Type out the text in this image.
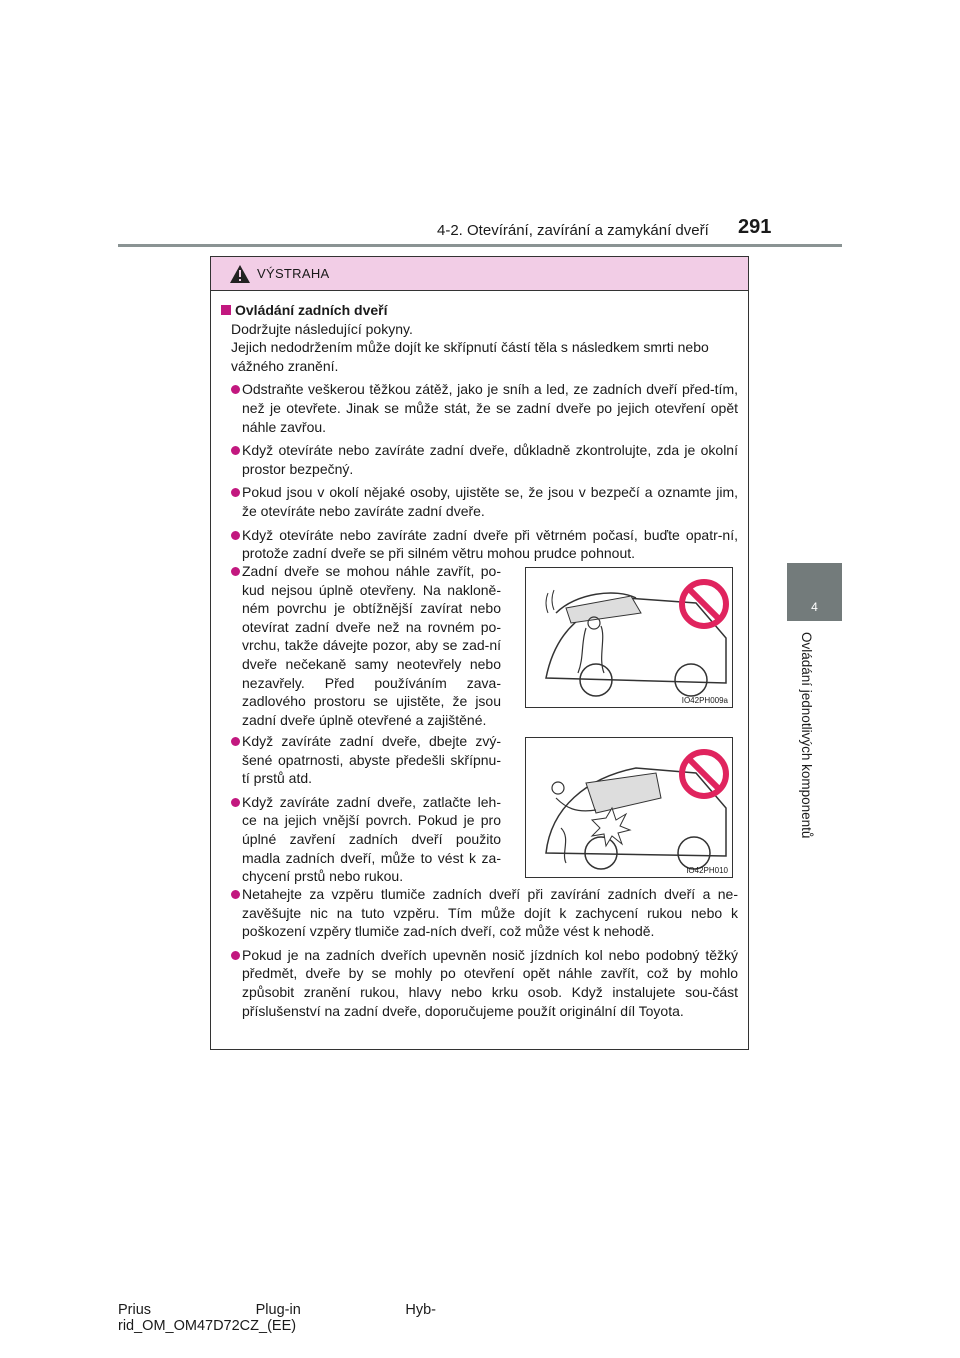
4-2. Otevírání, zavírání a zamykání dveří 291
4
Ovládání jednotlivých komponentů
VÝSTRAHA
Ovládání zadních dveří
Dodržujte následující pokyny.
Jejich nedodržením může dojít ke skřípnutí částí těla s následkem smrti nebo vážného zranění.
Odstraňte veškerou těžkou zátěž, jako je sníh a led, ze zadních dveří před-tím, než je otevřete. Jinak se může stát, že se zadní dveře po jejich otevření opět náhle zavřou.
Když otevíráte nebo zavíráte zadní dveře, důkladně zkontrolujte, zda je okolní prostor bezpečný.
Pokud jsou v okolí nějaké osoby, ujistěte se, že jsou v bezpečí a oznamte jim, že otevíráte nebo zavíráte zadní dveře.
Když otevíráte nebo zavíráte zadní dveře při větrném počasí, buďte opatr-ní, protože zadní dveře se při silném větru mohou prudce pohnout.
Zadní dveře se mohou náhle zavřít, po-kud nejsou úplně otevřeny. Na nakloně-ném povrchu je obtížnější zavírat nebo otevírat zadní dveře než na rovném po-vrchu, takže dávejte pozor, aby se zad-ní dveře nečekaně samy neotevřely nebo nezavřely. Před používáním zava-zadlového prostoru se ujistěte, že jsou zadní dveře úplně otevřené a zajištěné.
IO42PH009a
Když zavíráte zadní dveře, dbejte zvý-šené opatrnosti, abyste předešli skřípnu-tí prstů atd.
Když zavíráte zadní dveře, zatlačte leh-ce na jejich vnější povrch. Pokud je pro úplné zavření zadních dveří použito madla zadních dveří, může to vést k za-chycení prstů nebo rukou.	IO42PH010
Netahejte za vzpěru tlumiče zadních dveří při zavírání zadních dveří a ne-zavěšujte nic na tuto vzpěru. Tím může dojít k zachycení rukou nebo k poškození vzpěry tlumiče zad-ních dveří, což může vést k nehodě.
Pokud je na zadních dveřích upevněn nosič jízdních kol nebo podobný těžký předmět, dveře by se mohly po otevření opět náhle zavřít, což by mohlo způsobit zranění rukou, hlavy nebo krku osob. Když instalujete sou-část příslušenství na zadní dveře, doporučujeme použít originální díl Toyota.
Prius	Plug-in	Hyb-
rid_OM_OM47D72CZ_(EE)
